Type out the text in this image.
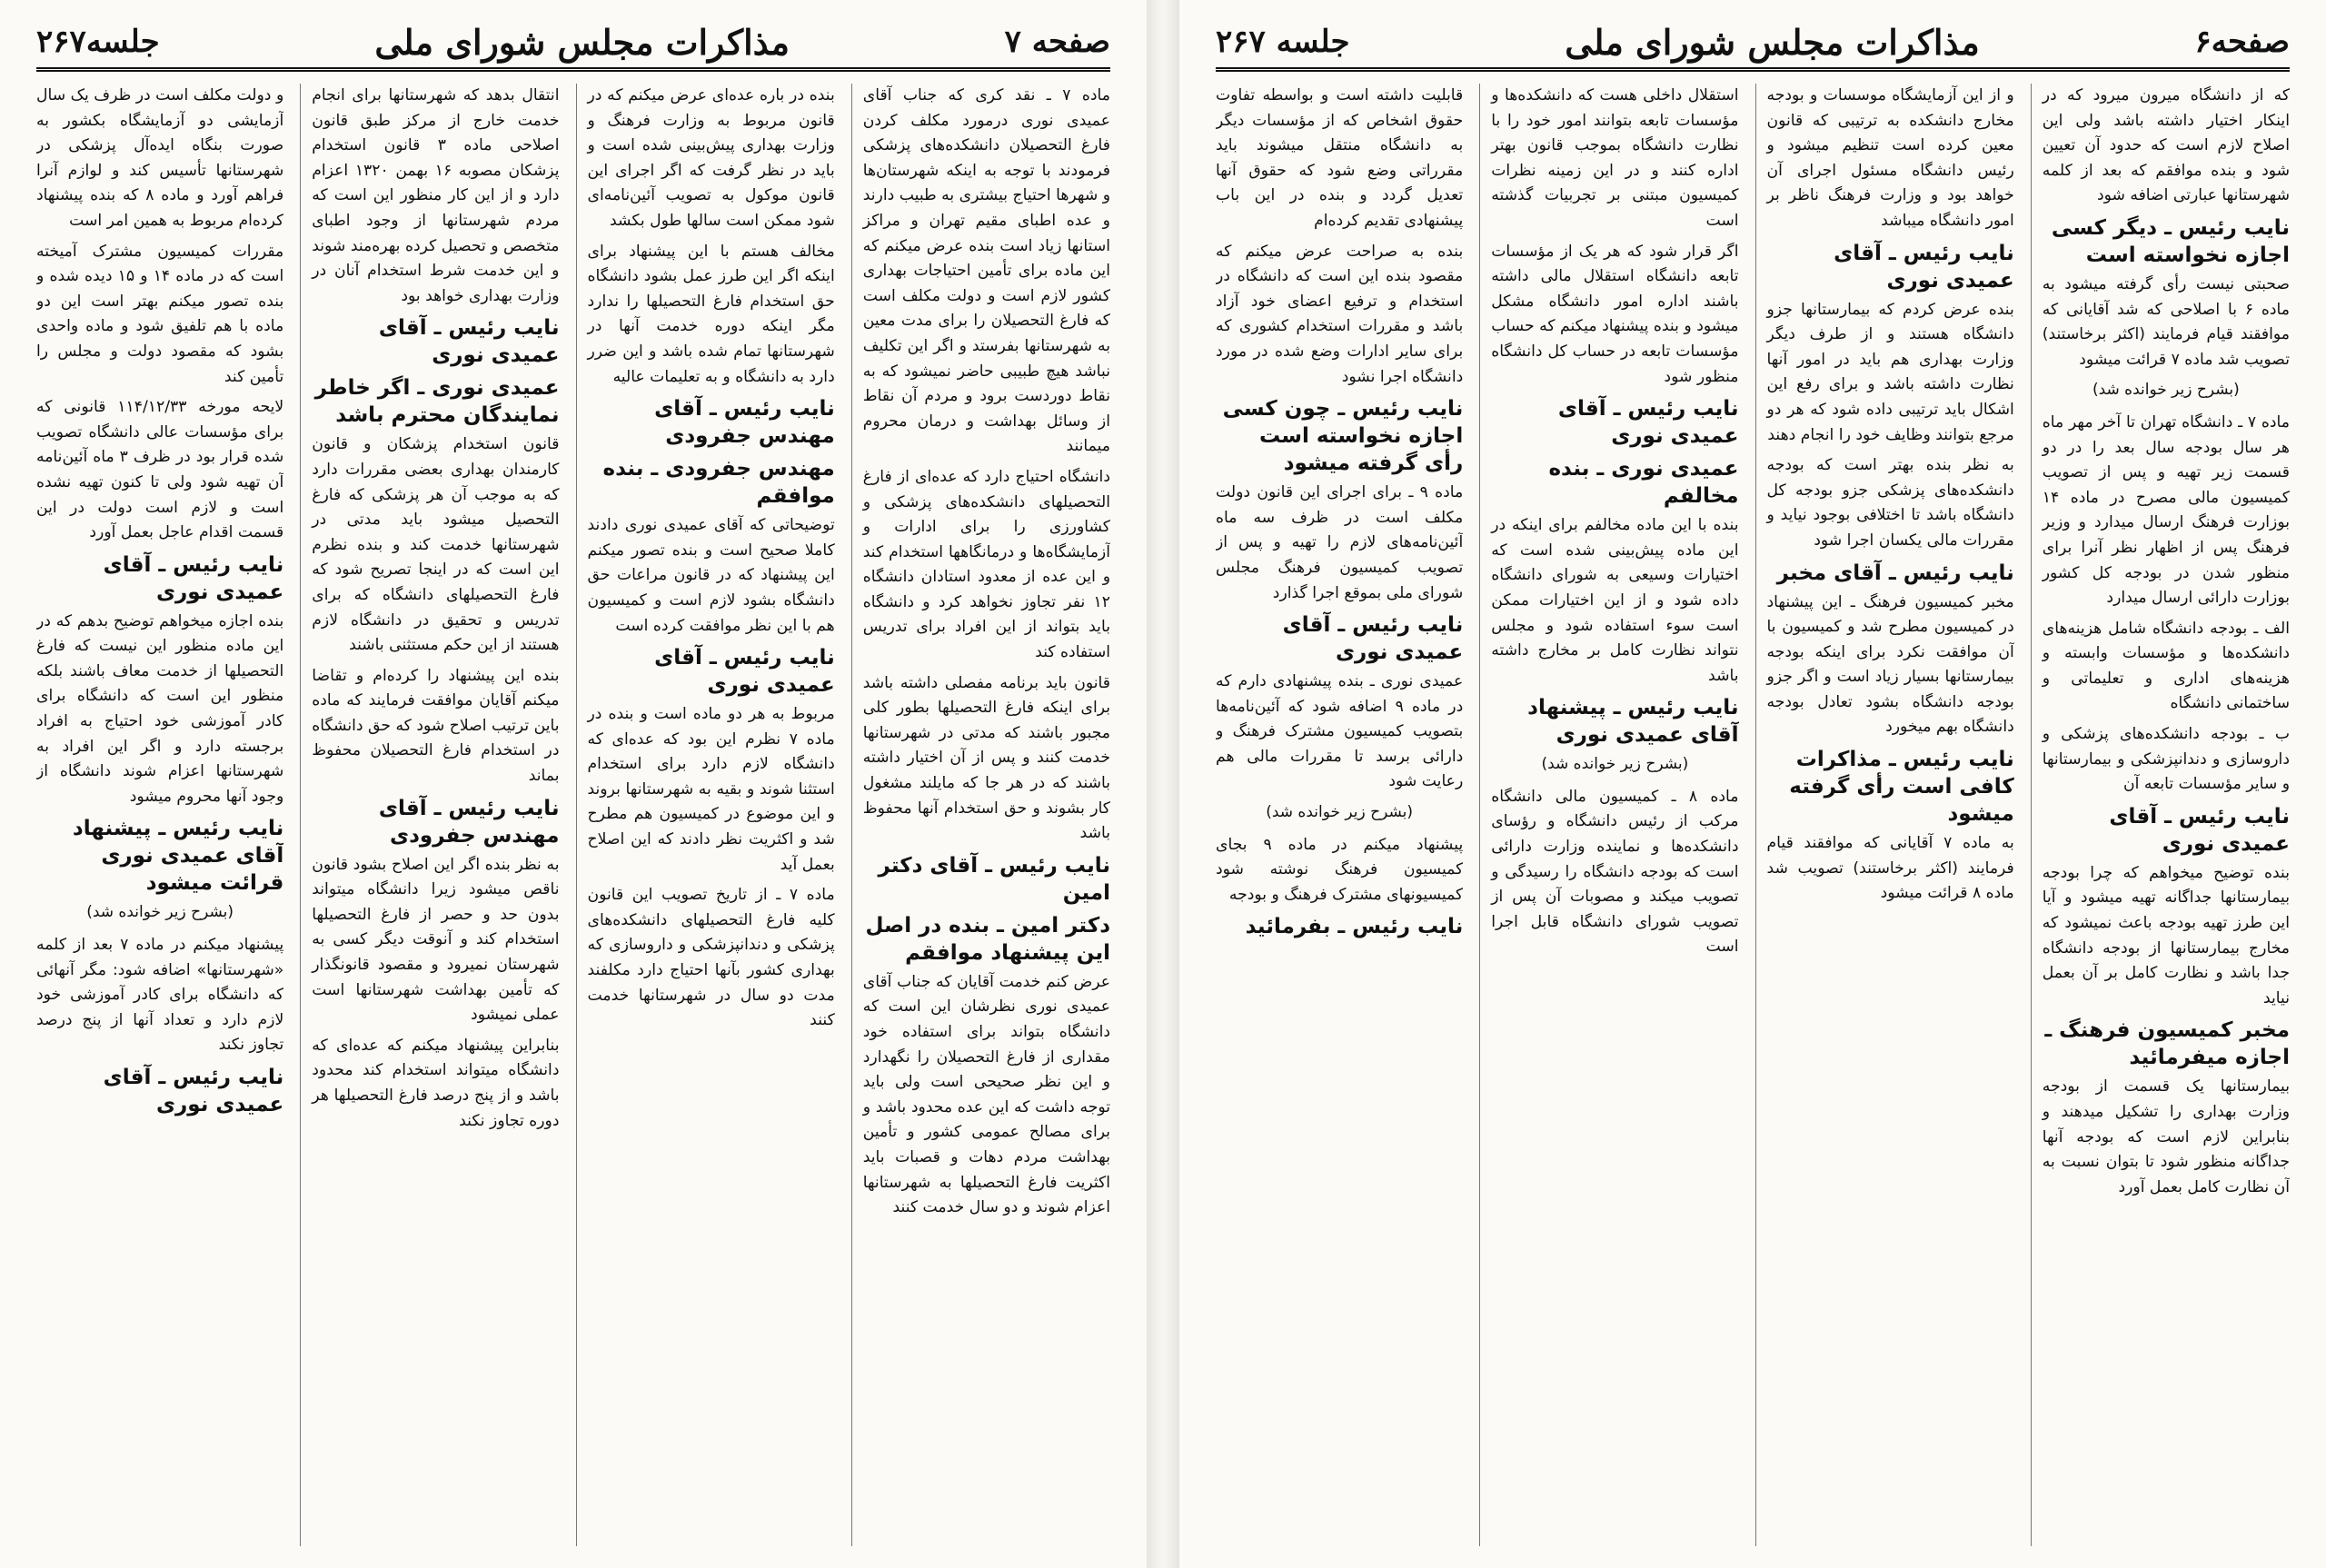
صفحه ۷
مذاکرات مجلس شورای ملی
جلسه۲۶۷

ماده ۷ ـ نقد کری که جناب آقای عمیدی نوری درمورد مکلف کردن فارغ التحصیلان دانشکده‌های پزشکی فرمودند با توجه به اینکه شهرستان‌ها و شهرها احتیاج بیشتری به طبیب دارند و عده اطبای مقیم تهران و مراکز استانها زیاد است بنده عرض میکنم که این ماده برای تأمین احتیاجات بهداری کشور لازم است و دولت مکلف است که فارغ التحصیلان را برای مدت معین به شهرستانها بفرستد و اگر این تکلیف نباشد هیچ طبیبی حاضر نمیشود که به نقاط دوردست برود و مردم آن نقاط از وسائل بهداشت و درمان محروم میمانند

دانشگاه احتیاج دارد که عده‌ای از فارغ التحصیلهای دانشکده‌های پزشکی و کشاورزی را برای ادارات و آزمایشگاه‌ها و درمانگاهها استخدام کند و این عده از معدود استادان دانشگاه ۱۲ نفر تجاوز نخواهد کرد و دانشگاه باید بتواند از این افراد برای تدریس استفاده کند

قانون باید برنامه مفصلی داشته باشد برای اینکه فارغ التحصیلها بطور کلی مجبور باشند که مدتی در شهرستانها خدمت کنند و پس از آن اختیار داشته باشند که در هر جا که مایلند مشغول کار بشوند و حق استخدام آنها محفوظ باشد

نایب رئیس ـ آقای دکتر امین
دکتر امین ـ بنده در اصل این پیشنهاد موافقم

عرض کنم خدمت آقایان که جناب آقای عمیدی نوری نظرشان این است که دانشگاه بتواند برای استفاده خود مقداری از فارغ التحصیلان را نگهدارد و این نظر صحیحی است ولی باید توجه داشت که این عده محدود باشد و برای مصالح عمومی کشور و تأمین بهداشت مردم دهات و قصبات باید اکثریت فارغ التحصیلها به شهرستانها اعزام شوند و دو سال خدمت کنند

بنده در باره عده‌ای عرض میکنم که در قانون مربوط به وزارت فرهنگ و وزارت بهداری پیش‌بینی شده است و باید در نظر گرفت که اگر اجرای این قانون موکول به تصویب آئین‌نامه‌ای شود ممکن است سالها طول بکشد

مخالف هستم با این پیشنهاد برای اینکه اگر این طرز عمل بشود دانشگاه حق استخدام فارغ التحصیلها را ندارد مگر اینکه دوره خدمت آنها در شهرستانها تمام شده باشد و این ضرر دارد به دانشگاه و به تعلیمات عالیه

نایب رئیس ـ آقای مهندس جفرودی
مهندس جفرودی ـ بنده موافقم

توضیحاتی که آقای عمیدی نوری دادند کاملا صحیح است و بنده تصور میکنم این پیشنهاد که در قانون مراعات حق دانشگاه بشود لازم است و کمیسیون هم با این نظر موافقت کرده است

نایب رئیس ـ آقای عمیدی نوری

مربوط به هر دو ماده است و بنده در ماده ۷ نظرم این بود که عده‌ای که دانشگاه لازم دارد برای استخدام استثنا شوند و بقیه به شهرستانها بروند و این موضوع در کمیسیون هم مطرح شد و اکثریت نظر دادند که این اصلاح بعمل آید

ماده ۷ ـ از تاریخ تصویب این قانون کلیه فارغ التحصیلهای دانشکده‌های پزشکی و دندانپزشکی و داروسازی که بهداری کشور بآنها احتیاج دارد مکلفند مدت دو سال در شهرستانها خدمت کنند

انتقال بدهد که شهرستانها برای انجام خدمت خارج از مرکز طبق قانون اصلاحی ماده ۳ قانون استخدام پزشکان مصوبه ۱۶ بهمن ۱۳۲۰ اعزام دارد و از این کار منظور این است که مردم شهرستانها از وجود اطبای متخصص و تحصیل کرده بهره‌مند شوند و این خدمت شرط استخدام آنان در وزارت بهداری خواهد بود

نایب رئیس ـ آقای عمیدی نوری
عمیدی نوری ـ اگر خاطر نمایندگان محترم باشد

قانون استخدام پزشکان و قانون کارمندان بهداری بعضی مقررات دارد که به موجب آن هر پزشکی که فارغ التحصیل میشود باید مدتی در شهرستانها خدمت کند و بنده نظرم این است که در اینجا تصریح شود که فارغ التحصیلهای دانشگاه که برای تدریس و تحقیق در دانشگاه لازم هستند از این حکم مستثنی باشند

بنده این پیشنهاد را کرده‌ام و تقاضا میکنم آقایان موافقت فرمایند که ماده باین ترتیب اصلاح شود که حق دانشگاه در استخدام فارغ التحصیلان محفوظ بماند

نایب رئیس ـ آقای مهندس جفرودی

به نظر بنده اگر این اصلاح بشود قانون ناقص میشود زیرا دانشگاه میتواند بدون حد و حصر از فارغ التحصیلها استخدام کند و آنوقت دیگر کسی به شهرستان نمیرود و مقصود قانونگذار که تأمین بهداشت شهرستانها است عملی نمیشود

بنابراین پیشنهاد میکنم که عده‌ای که دانشگاه میتواند استخدام کند محدود باشد و از پنج درصد فارغ التحصیلها هر دوره تجاوز نکند

و دولت مکلف است در ظرف یک سال آزمایشی دو آزمایشگاه بکشور به صورت بنگاه ایده‌آل پزشکی در شهرستانها تأسیس کند و لوازم آنرا فراهم آورد و ماده ۸ که بنده پیشنهاد کرده‌ام مربوط به همین امر است

مقررات کمیسیون مشترک آمیخته است که در ماده ۱۴ و ۱۵ دیده شده و بنده تصور میکنم بهتر است این دو ماده با هم تلفیق شود و ماده واحدی بشود که مقصود دولت و مجلس را تأمین کند

لایحه مورخه ۱۱۴/۱۲/۳۳ قانونی که برای مؤسسات عالی دانشگاه تصویب شده قرار بود در ظرف ۳ ماه آئین‌نامه آن تهیه شود ولی تا کنون تهیه نشده است و لازم است دولت در این قسمت اقدام عاجل بعمل آورد

نایب رئیس ـ آقای عمیدی نوری

بنده اجازه میخواهم توضیح بدهم که در این ماده منظور این نیست که فارغ التحصیلها از خدمت معاف باشند بلکه منظور این است که دانشگاه برای کادر آموزشی خود احتیاج به افراد برجسته دارد و اگر این افراد به شهرستانها اعزام شوند دانشگاه از وجود آنها محروم میشود

نایب رئیس ـ پیشنهاد آقای عمیدی نوری قرائت میشود

(بشرح زیر خوانده شد)

پیشنهاد میکنم در ماده ۷ بعد از کلمه «شهرستانها» اضافه شود: مگر آنهائی که دانشگاه برای کادر آموزشی خود لازم دارد و تعداد آنها از پنج درصد تجاوز نکند

نایب رئیس ـ آقای عمیدی نوری
صفحه۶
مذاکرات مجلس شورای ملی
جلسه ۲۶۷

که از دانشگاه میرون میرود که در اینکار اختیار داشته باشد ولی این اصلاح لازم است که حدود آن تعیین شود و بنده موافقم که بعد از کلمه شهرستانها عبارتی اضافه شود

نایب رئیس ـ دیگر کسی اجازه نخواسته است

صحبتی نیست رأی گرفته میشود به ماده ۶ با اصلاحی که شد آقایانی که موافقند قیام فرمایند (اکثر برخاستند) تصویب شد ماده ۷ قرائت میشود

(بشرح زیر خوانده شد)

ماده ۷ ـ دانشگاه تهران تا آخر مهر ماه هر سال بودجه سال بعد را در دو قسمت زیر تهیه و پس از تصویب کمیسیون مالی مصرح در ماده ۱۴ بوزارت فرهنگ ارسال میدارد و وزیر فرهنگ پس از اظهار نظر آنرا برای منظور شدن در بودجه کل کشور بوزارت دارائی ارسال میدارد

الف ـ بودجه دانشگاه شامل هزینه‌های دانشکده‌ها و مؤسسات وابسته و هزینه‌های اداری و تعلیماتی و ساختمانی دانشگاه

ب ـ بودجه دانشکده‌های پزشکی و داروسازی و دندانپزشکی و بیمارستانها و سایر مؤسسات تابعه آن

نایب رئیس ـ آقای عمیدی نوری

بنده توضیح میخواهم که چرا بودجه بیمارستانها جداگانه تهیه میشود و آیا این طرز تهیه بودجه باعث نمیشود که مخارج بیمارستانها از بودجه دانشگاه جدا باشد و نظارت کامل بر آن بعمل نیاید

مخبر کمیسیون فرهنگ ـ اجازه میفرمائید

بیمارستانها یک قسمت از بودجه وزارت بهداری را تشکیل میدهند و بنابراین لازم است که بودجه آنها جداگانه منظور شود تا بتوان نسبت به آن نظارت کامل بعمل آورد

و از این آزمایشگاه موسسات و بودجه مخارج دانشکده به ترتیبی که قانون معین کرده است تنظیم میشود و رئیس دانشگاه مسئول اجرای آن خواهد بود و وزارت فرهنگ ناظر بر امور دانشگاه میباشد

نایب رئیس ـ آقای عمیدی نوری

بنده عرض کردم که بیمارستانها جزو دانشگاه هستند و از طرف دیگر وزارت بهداری هم باید در امور آنها نظارت داشته باشد و برای رفع این اشکال باید ترتیبی داده شود که هر دو مرجع بتوانند وظایف خود را انجام دهند

به نظر بنده بهتر است که بودجه دانشکده‌های پزشکی جزو بودجه کل دانشگاه باشد تا اختلافی بوجود نیاید و مقررات مالی یکسان اجرا شود

نایب رئیس ـ آقای مخبر

مخبر کمیسیون فرهنگ ـ این پیشنهاد در کمیسیون مطرح شد و کمیسیون با آن موافقت نکرد برای اینکه بودجه بیمارستانها بسیار زیاد است و اگر جزو بودجه دانشگاه بشود تعادل بودجه دانشگاه بهم میخورد

نایب رئیس ـ مذاکرات کافی است رأی گرفته میشود

به ماده ۷ آقایانی که موافقند قیام فرمایند (اکثر برخاستند) تصویب شد ماده ۸ قرائت میشود

استقلال داخلی هست که دانشکده‌ها و مؤسسات تابعه بتوانند امور خود را با نظارت دانشگاه بموجب قانون بهتر اداره کنند و در این زمینه نظرات کمیسیون مبتنی بر تجربیات گذشته است

اگر قرار شود که هر یک از مؤسسات تابعه دانشگاه استقلال مالی داشته باشند اداره امور دانشگاه مشکل میشود و بنده پیشنهاد میکنم که حساب مؤسسات تابعه در حساب کل دانشگاه منظور شود

نایب رئیس ـ آقای عمیدی نوری
عمیدی نوری ـ بنده مخالفم

بنده با این ماده مخالفم برای اینکه در این ماده پیش‌بینی شده است که اختیارات وسیعی به شورای دانشگاه داده شود و از این اختیارات ممکن است سوء استفاده شود و مجلس نتواند نظارت کامل بر مخارج داشته باشد

نایب رئیس ـ پیشنهاد آقای عمیدی نوری

(بشرح زیر خوانده شد)

ماده ۸ ـ کمیسیون مالی دانشگاه مرکب از رئیس دانشگاه و رؤسای دانشکده‌ها و نماینده وزارت دارائی است که بودجه دانشگاه را رسیدگی و تصویب میکند و مصوبات آن پس از تصویب شورای دانشگاه قابل اجرا است

قابلیت داشته است و بواسطه تفاوت حقوق اشخاص که از مؤسسات دیگر به دانشگاه منتقل میشوند باید مقرراتی وضع شود که حقوق آنها تعدیل گردد و بنده در این باب پیشنهادی تقدیم کرده‌ام

بنده به صراحت عرض میکنم که مقصود بنده این است که دانشگاه در استخدام و ترفیع اعضای خود آزاد باشد و مقررات استخدام کشوری که برای سایر ادارات وضع شده در مورد دانشگاه اجرا نشود

نایب رئیس ـ چون کسی اجازه نخواسته است رأی گرفته میشود

ماده ۹ ـ برای اجرای این قانون دولت مکلف است در ظرف سه ماه آئین‌نامه‌های لازم را تهیه و پس از تصویب کمیسیون فرهنگ مجلس شورای ملی بموقع اجرا گذارد

نایب رئیس ـ آقای عمیدی نوری

عمیدی نوری ـ بنده پیشنهادی دارم که در ماده ۹ اضافه شود که آئین‌نامه‌ها بتصویب کمیسیون مشترک فرهنگ و دارائی برسد تا مقررات مالی هم رعایت شود

(بشرح زیر خوانده شد)

پیشنهاد میکنم در ماده ۹ بجای کمیسیون فرهنگ نوشته شود کمیسیونهای مشترک فرهنگ و بودجه

نایب رئیس ـ بفرمائید
